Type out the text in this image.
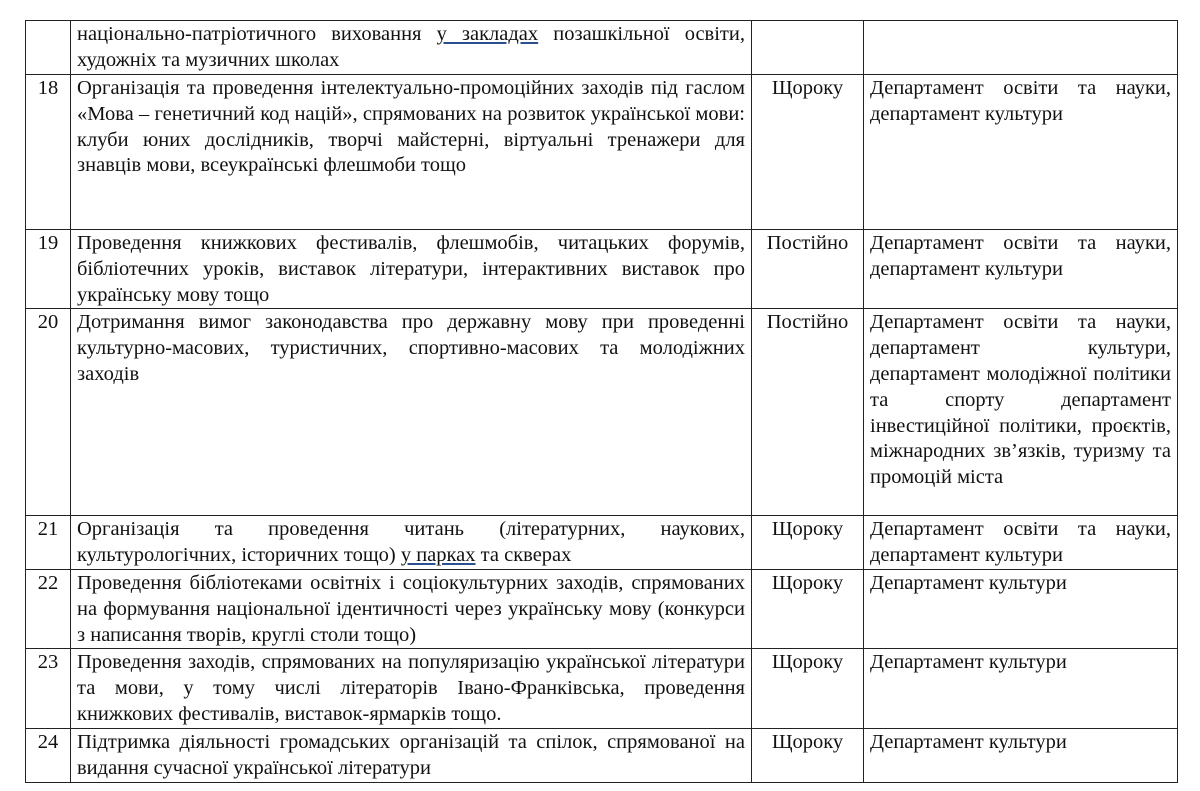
	національно-патріотичного виховання у закладах позашкільної освіти, художніх та музичних школах		
18	Організація та проведення інтелектуально-промоційних заходів під гаслом «Мова – генетичний код націй», спрямованих на розвиток української мови: клуби юних дослідників, творчі майстерні, віртуальні тренажери для знавців мови, всеукраїнські флешмоби тощо	Щороку	Департамент освіти та науки, департамент культури
19	Проведення книжкових фестивалів, флешмобів, читацьких форумів, бібліотечних уроків, виставок літератури, інтерактивних виставок про українську мову тощо	Постійно	Департамент освіти та науки, департамент культури
20	Дотримання вимог законодавства про державну мову при проведенні культурно-масових, туристичних, спортивно-масових та молодіжних заходів	Постійно	Департамент освіти та науки, департамент культури, департамент молодіжної політики та спорту департамент інвестиційної політики, проєктів, міжнародних зв’язків, туризму та промоцій міста
21	Організація та проведення читань (літературних, наукових, культурологічних, історичних тощо) у парках та скверах	Щороку	Департамент освіти та науки, департамент культури
22	Проведення бібліотеками освітніх і соціокультурних заходів, спрямованих на формування національної ідентичності через українську мову (конкурси з написання творів, круглі столи тощо)	Щороку	Департамент культури
23	Проведення заходів, спрямованих на популяризацію української літератури та мови, у тому числі літераторів Івано-Франківська, проведення книжкових фестивалів, виставок-ярмарків тощо.	Щороку	Департамент культури
24	Підтримка діяльності громадських організацій та спілок, спрямованої на видання сучасної української літератури	Щороку	Департамент культури
